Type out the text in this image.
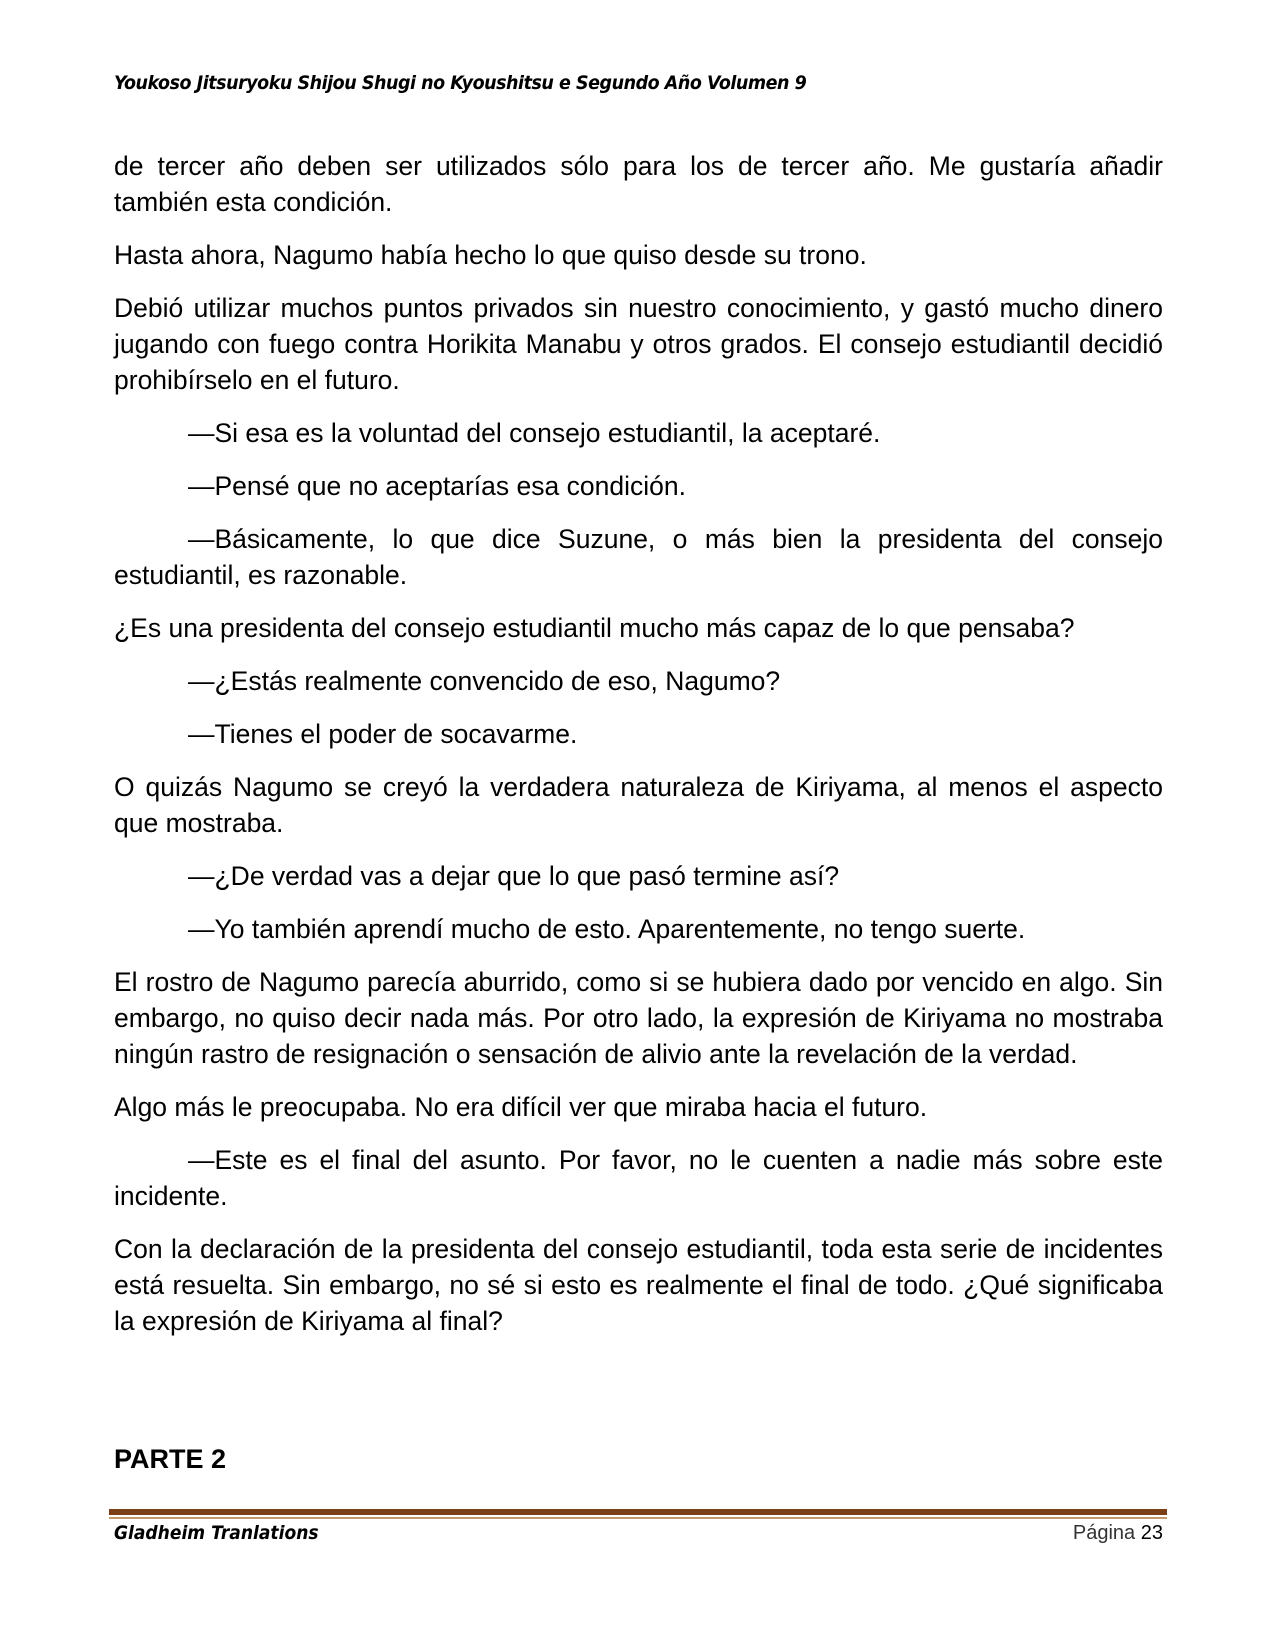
Youkoso Jitsuryoku Shijou Shugi no Kyoushitsu e Segundo Año Volumen 9

de tercer año deben ser utilizados sólo para los de tercer año. Me gustaría añadir también esta condición.

Hasta ahora, Nagumo había hecho lo que quiso desde su trono.

Debió utilizar muchos puntos privados sin nuestro conocimiento, y gastó mucho dinero jugando con fuego contra Horikita Manabu y otros grados. El consejo estudiantil decidió prohibírselo en el futuro.

—Si esa es la voluntad del consejo estudiantil, la aceptaré.

—Pensé que no aceptarías esa condición.

—Básicamente, lo que dice Suzune, o más bien la presidenta del consejo estudiantil, es razonable.

¿Es una presidenta del consejo estudiantil mucho más capaz de lo que pensaba?

—¿Estás realmente convencido de eso, Nagumo?

—Tienes el poder de socavarme.

O quizás Nagumo se creyó la verdadera naturaleza de Kiriyama, al menos el aspecto que mostraba.

—¿De verdad vas a dejar que lo que pasó termine así?

—Yo también aprendí mucho de esto. Aparentemente, no tengo suerte.

El rostro de Nagumo parecía aburrido, como si se hubiera dado por vencido en algo. Sin embargo, no quiso decir nada más. Por otro lado, la expresión de Kiriyama no mostraba ningún rastro de resignación o sensación de alivio ante la revelación de la verdad.

Algo más le preocupaba. No era difícil ver que miraba hacia el futuro.

—Este es el final del asunto. Por favor, no le cuenten a nadie más sobre este incidente.

Con la declaración de la presidenta del consejo estudiantil, toda esta serie de incidentes está resuelta. Sin embargo, no sé si esto es realmente el final de todo. ¿Qué significaba la expresión de Kiriyama al final?

PARTE 2
Gladheim Tranlations	Página 23
